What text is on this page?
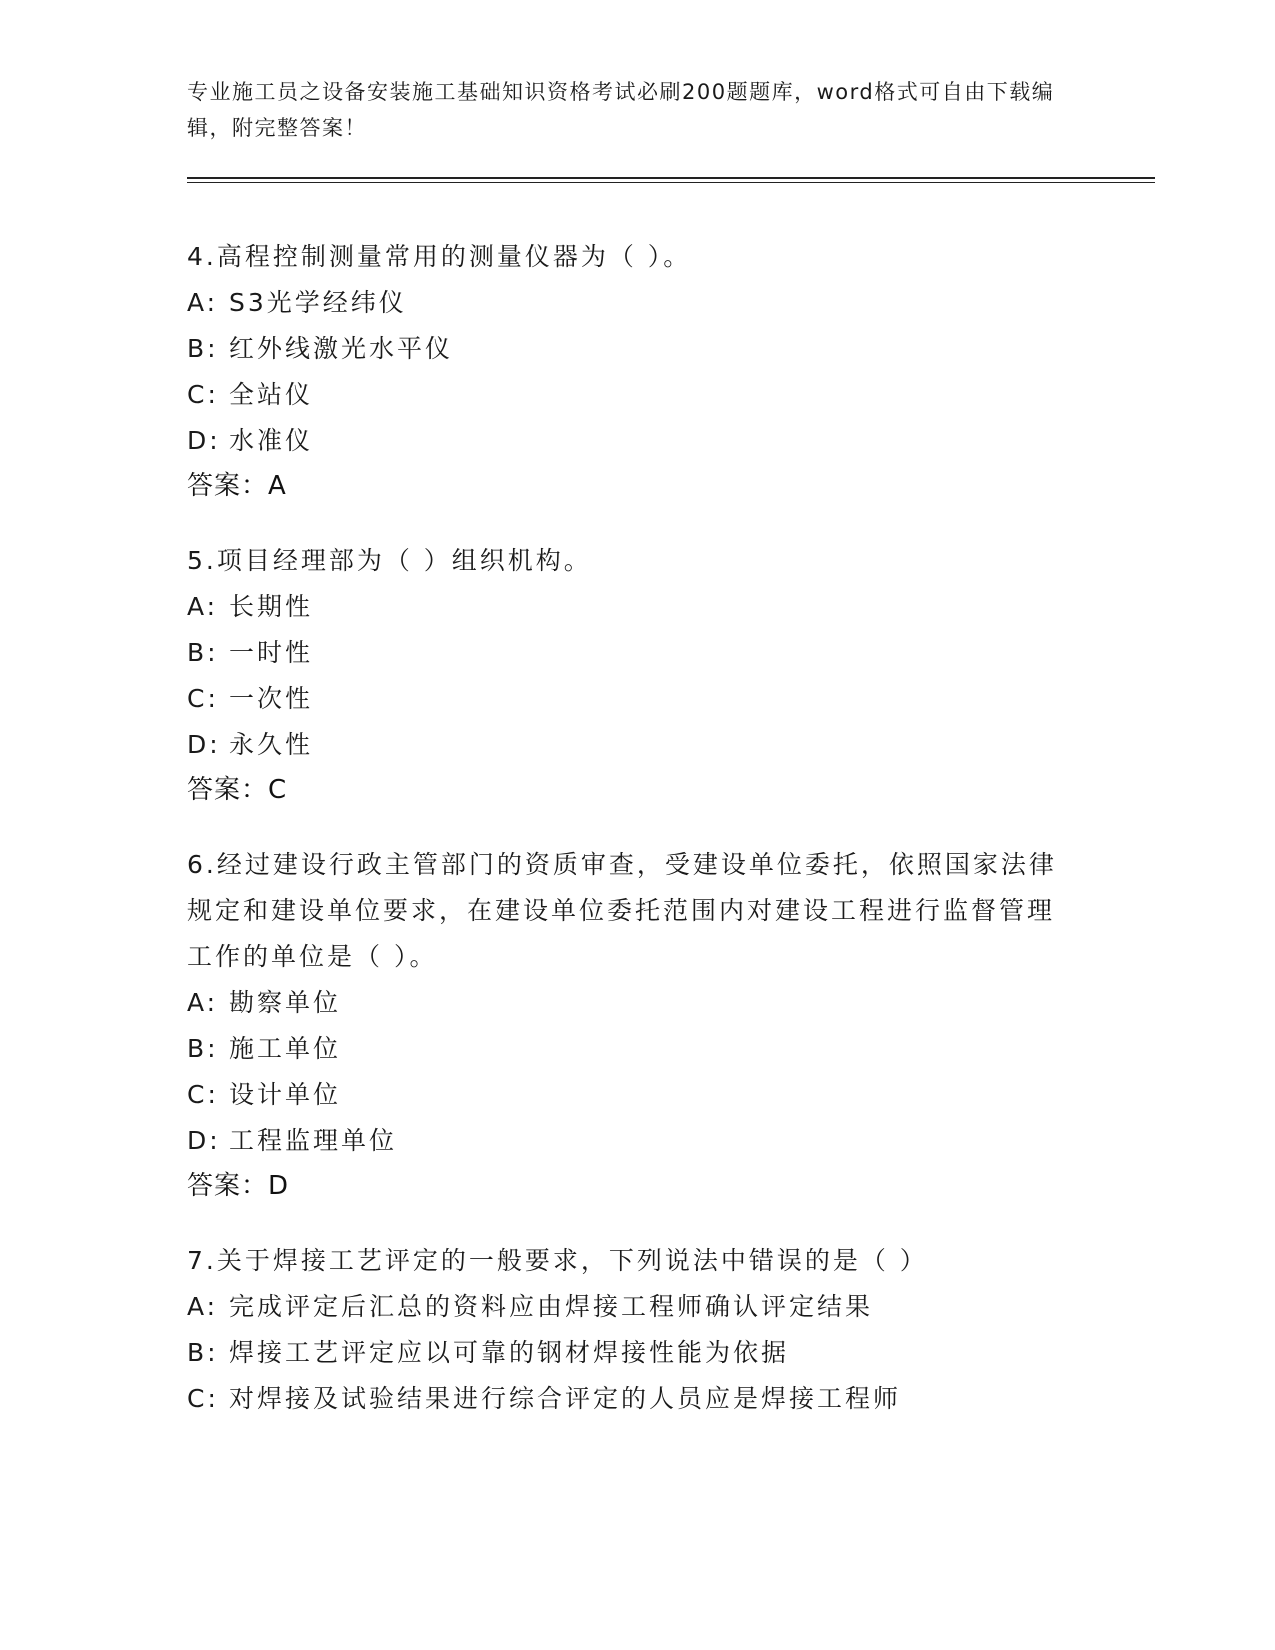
专业施工员之设备安装施工基础知识资格考试必刷200题题库，word格式可自由下载编辑，附完整答案！
4.高程控制测量常用的测量仪器为（ ）。
A: S3光学经纬仪
B: 红外线激光水平仪
C: 全站仪
D: 水准仪
答案：A
5.项目经理部为（ ）组织机构。
A: 长期性
B: 一时性
C: 一次性
D: 永久性
答案：C
6.经过建设行政主管部门的资质审查，受建设单位委托，依照国家法律规定和建设单位要求，在建设单位委托范围内对建设工程进行监督管理工作的单位是（ ）。
A: 勘察单位
B: 施工单位
C: 设计单位
D: 工程监理单位
答案：D
7.关于焊接工艺评定的一般要求，下列说法中错误的是（ ）
A: 完成评定后汇总的资料应由焊接工程师确认评定结果
B: 焊接工艺评定应以可靠的钢材焊接性能为依据
C: 对焊接及试验结果进行综合评定的人员应是焊接工程师
